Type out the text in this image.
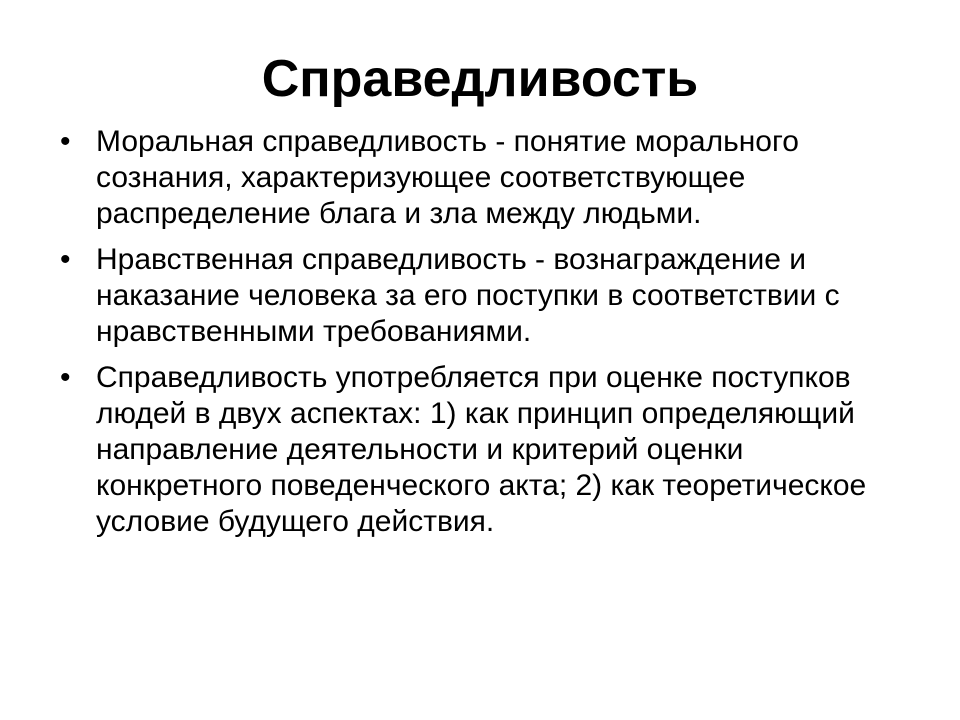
Справедливость
• Моральная справедливость - понятие морального сознания, характеризующее соответствующее распределение блага и зла между людьми.
• Нравственная справедливость - вознаграждение и наказание человека за его поступки в соответствии с нравственными требованиями.
• Справедливость употребляется при оценке поступков людей в двух аспектах: 1) как принцип определяющий направление деятельности и критерий оценки конкретного поведенческого акта; 2) как теоретическое условие будущего действия.
